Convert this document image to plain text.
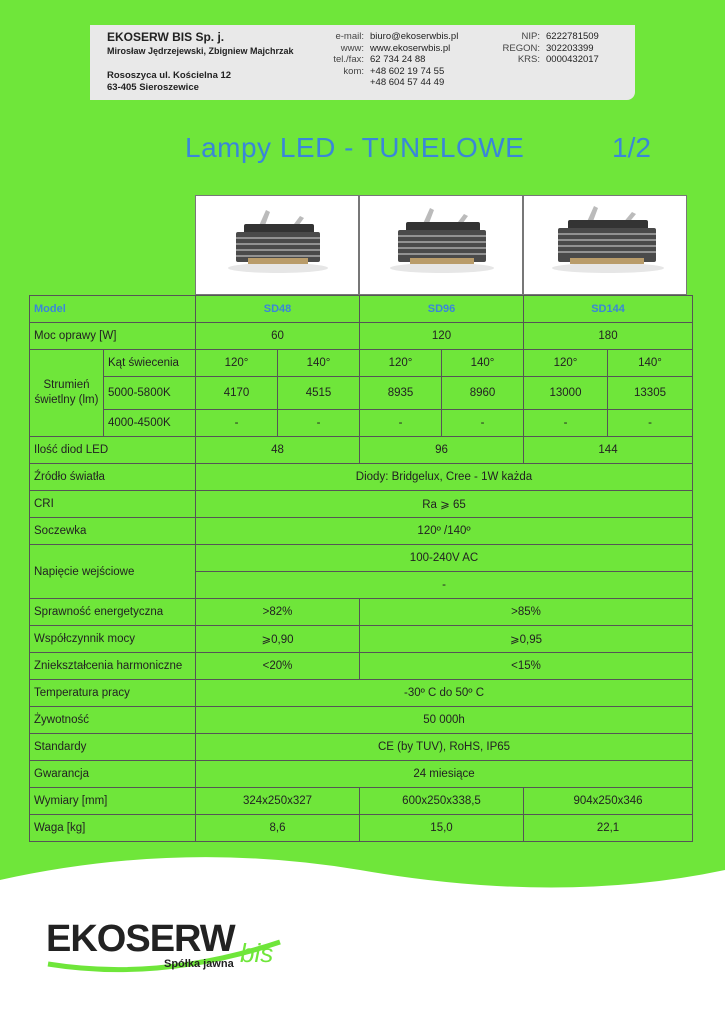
EKOSERW BIS Sp. j.
Mirosław Jędrzejewski, Zbigniew Majchrzak
Rososzyca ul. Kościelna 12
63-405 Sieroszewice
e-mail: biuro@ekoserwbis.pl
www: www.ekoserwbis.pl
tel./fax: 62 734 24 88
kom: +48 602 19 74 55
+48 604 57 44 49
NIP: 6222781509
REGON: 302203399
KRS: 0000432017
Lampy LED - TUNELOWE	1/2
Model		SD48		SD96		SD144	
Moc oprawy [W]		60		120		180	
Strumień świetlny (lm)	Kąt świecenia	120°	140°	120°	140°	120°	140°
	5000-5800K	4170	4515	8935	8960	13000	13305
	4000-4500K	-	-	-	-	-	-
Ilość diod LED		48		96		144	
Źródło światła		Diody: Bridgelux, Cree - 1W każda					
CRI		Ra ⩾ 65					
Soczewka		120º /140º					
Napięcie wejściowe		100-240V AC					
		-					
Sprawność energetyczna		>82%		>85%			
Współczynnik mocy		⩾0,90		⩾0,95			
Zniekształcenia harmoniczne		<20%		<15%			
Temperatura pracy		-30º C do 50º C					
Żywotność		50 000h					
Standardy		CE (by TUV), RoHS, IP65					
Gwarancja		24 miesiące					
Wymiary [mm]		324x250x327		600x250x338,5		904x250x346	
Waga [kg]		8,6		15,0		22,1	
EKOSERW
Spółka jawna bis
